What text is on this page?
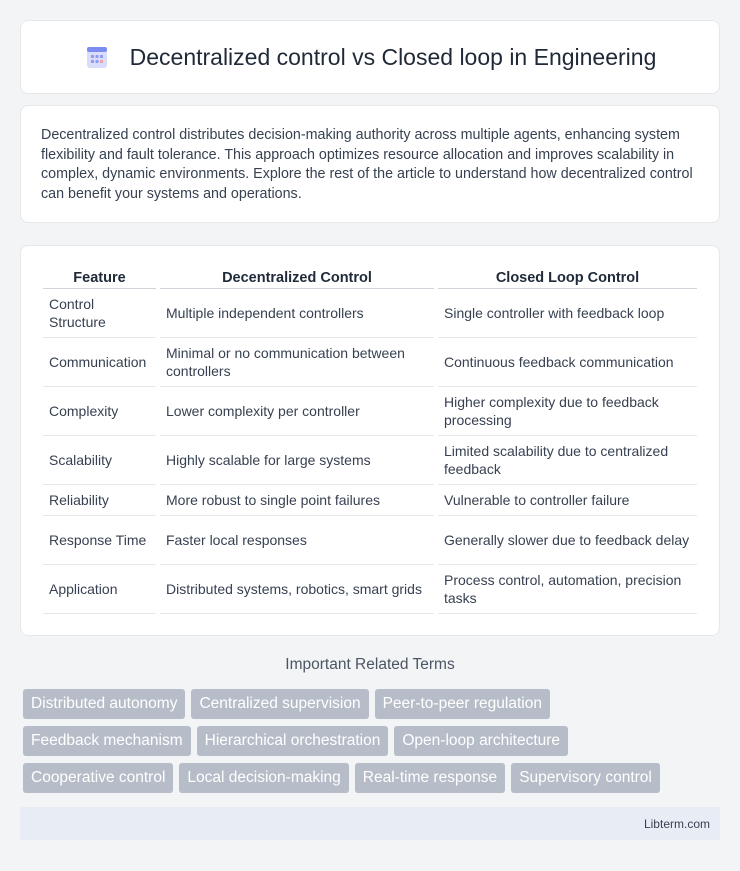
Decentralized control vs Closed loop in Engineering

Decentralized control distributes decision-making authority across multiple agents, enhancing system flexibility and fault tolerance. This approach optimizes resource allocation and improves scalability in complex, dynamic environments. Explore the rest of the article to understand how decentralized control can benefit your systems and operations.

Feature	Decentralized Control	Closed Loop Control
Control Structure	Multiple independent controllers	Single controller with feedback loop
Communication	Minimal or no communication between controllers	Continuous feedback communication
Complexity	Lower complexity per controller	Higher complexity due to feedback processing
Scalability	Highly scalable for large systems	Limited scalability due to centralized feedback
Reliability	More robust to single point failures	Vulnerable to controller failure
Response Time	Faster local responses	Generally slower due to feedback delay
Application	Distributed systems, robotics, smart grids	Process control, automation, precision tasks
Important Related Terms
Distributed autonomy	Centralized supervision	Peer-to-peer regulation
Feedback mechanism	Hierarchical orchestration	Open-loop architecture
Cooperative control	Local decision-making	Real-time response	Supervisory control
Libterm.com
